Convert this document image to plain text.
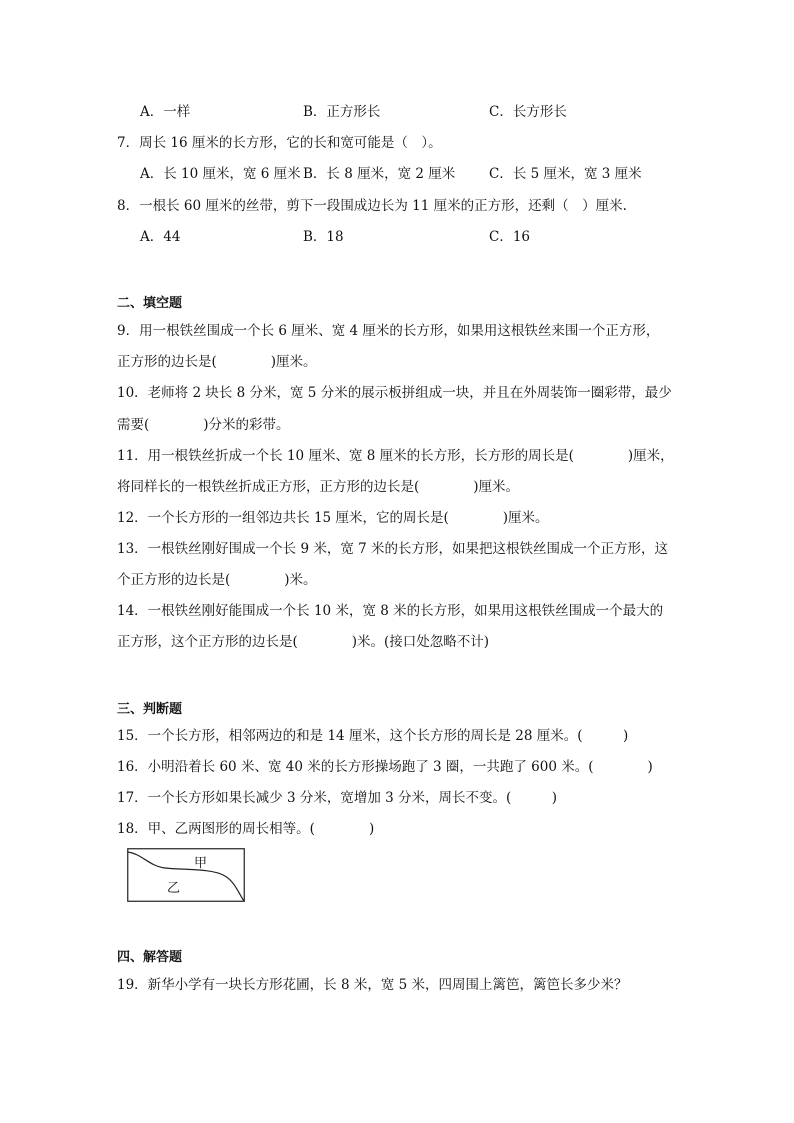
A．一样	B．正方形长	C．长方形长
7．周长 16 厘米的长方形，它的长和宽可能是（　）。
A．长 10 厘米，宽 6 厘米 B．长 8 厘米，宽 2 厘米 C．长 5 厘米，宽 3 厘米
8．一根长 60 厘米的丝带，剪下一段围成边长为 11 厘米的正方形，还剩（　）厘米.
A．44	B．18	C．16
二、填空题
9．用一根铁丝围成一个长 6 厘米、宽 4 厘米的长方形，如果用这根铁丝来围一个正方形，
正方形的边长是(　　　　)厘米。
10．老师将 2 块长 8 分米，宽 5 分米的展示板拼组成一块，并且在外周装饰一圈彩带，最少
需要(　　　　)分米的彩带。
11．用一根铁丝折成一个长 10 厘米、宽 8 厘米的长方形，长方形的周长是(　　　　)厘米，
将同样长的一根铁丝折成正方形，正方形的边长是(　　　　)厘米。
12．一个长方形的一组邻边共长 15 厘米，它的周长是(　　　　)厘米。
13．一根铁丝刚好围成一个长 9 米，宽 7 米的长方形，如果把这根铁丝围成一个正方形，这
个正方形的边长是(　　　　)米。
14．一根铁丝刚好能围成一个长 10 米，宽 8 米的长方形，如果用这根铁丝围成一个最大的
正方形，这个正方形的边长是(　　　　)米。(接口处忽略不计)
三、判断题
15．一个长方形，相邻两边的和是 14 厘米，这个长方形的周长是 28 厘米。(　　　)
16．小明沿着长 60 米、宽 40 米的长方形操场跑了 3 圈，一共跑了 600 米。(　　　　)
17．一个长方形如果长减少 3 分米，宽增加 3 分米，周长不变。(　　　)
18．甲、乙两图形的周长相等。(　　　　)
甲
乙
四、解答题
19．新华小学有一块长方形花圃，长 8 米，宽 5 米，四周围上篱笆，篱笆长多少米？
